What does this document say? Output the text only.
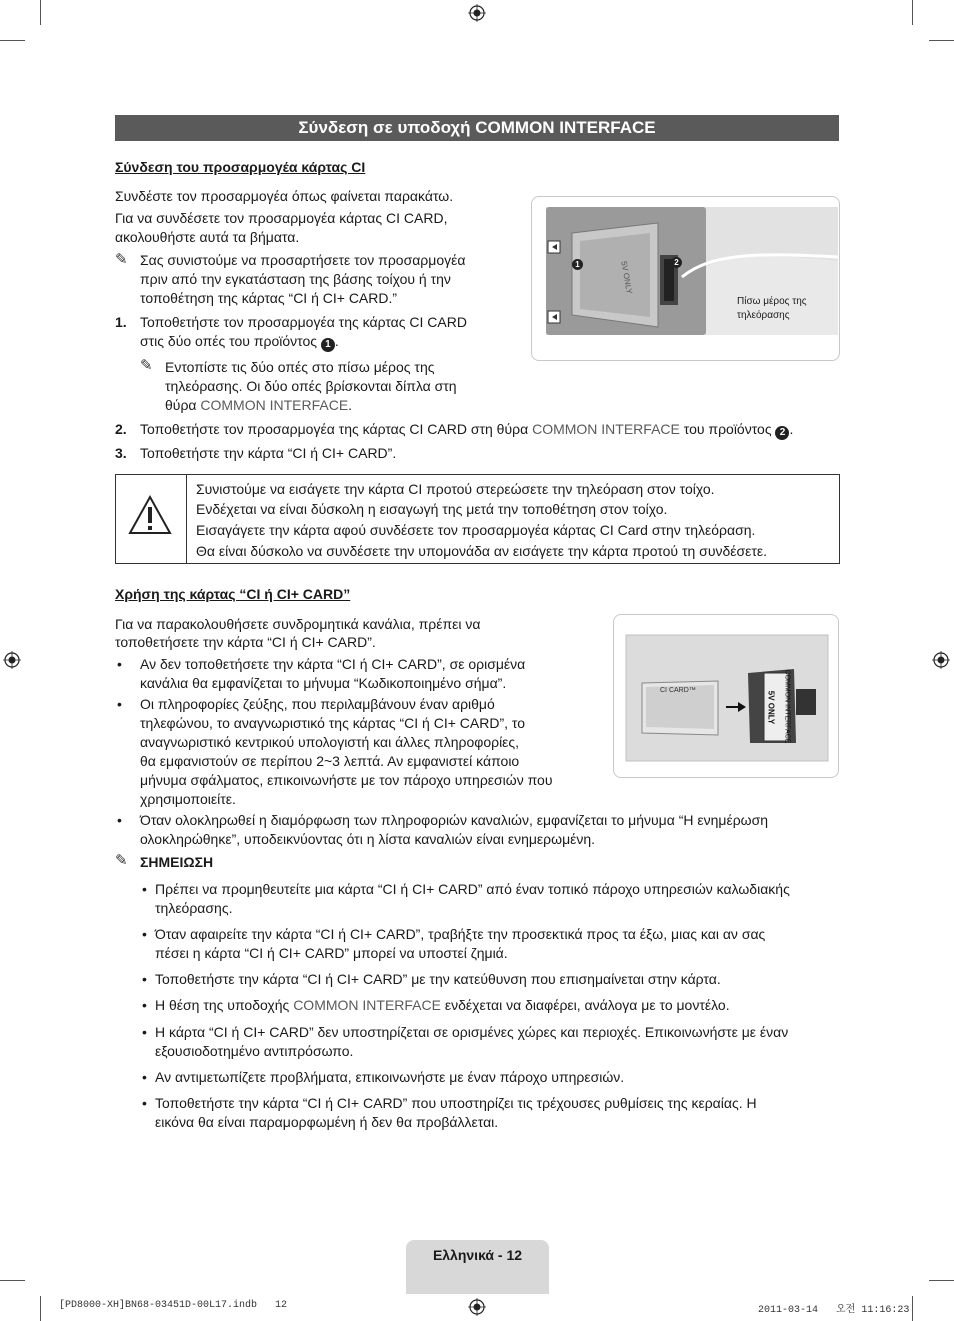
Σύνδεση σε υποδοχή COMMON INTERFACE
Σύνδεση του προσαρμογέα κάρτας CI
Συνδέστε τον προσαρμογέα όπως φαίνεται παρακάτω.
Για να συνδέσετε τον προσαρμογέα κάρτας CI CARD,
ακολουθήστε αυτά τα βήματα.
✎ Σας συνιστούμε να προσαρτήσετε τον προσαρμογέα
πριν από την εγκατάσταση της βάσης τοίχου ή την
τοποθέτηση της κάρτας “CI ή CI+ CARD.”
1. Τοποθετήστε τον προσαρμογέα της κάρτας CI CARD
στις δύο οπές του προϊόντος 1 .
✎ Εντοπίστε τις δύο οπές στο πίσω μέρος της
τηλεόρασης. Οι δύο οπές βρίσκονται δίπλα στη
θύρα COMMON INTERFACE.
2. Τοποθετήστε τον προσαρμογέα της κάρτας CI CARD στη θύρα COMMON INTERFACE του προϊόντος 2 .
3. Τοποθετήστε την κάρτα “CI ή CI+ CARD”.
1	2
5V ONLY
Πίσω μέρος της
τηλεόρασης
Συνιστούμε να εισάγετε την κάρτα CI προτού στερεώσετε την τηλεόραση στον τοίχο.
Ενδέχεται να είναι δύσκολη η εισαγωγή της μετά την τοποθέτηση στον τοίχο.
Εισαγάγετε την κάρτα αφού συνδέσετε τον προσαρμογέα κάρτας CI Card στην τηλεόραση.
Θα είναι δύσκολο να συνδέσετε την υπομονάδα αν εισάγετε την κάρτα προτού τη συνδέσετε.
Χρήση της κάρτας “CI ή CI+ CARD”
Για να παρακολουθήσετε συνδρομητικά κανάλια, πρέπει να
τοποθετήσετε την κάρτα “CI ή CI+ CARD”.
• Αν δεν τοποθετήσετε την κάρτα “CI ή CI+ CARD”, σε ορισμένα
κανάλια θα εμφανίζεται το μήνυμα “Κωδικοποιημένο σήμα”.
• Οι πληροφορίες ζεύξης, που περιλαμβάνουν έναν αριθμό
τηλεφώνου, το αναγνωριστικό της κάρτας “CI ή CI+ CARD”, το
αναγνωριστικό κεντρικού υπολογιστή και άλλες πληροφορίες,
θα εμφανιστούν σε περίπου 2~3 λεπτά. Αν εμφανιστεί κάποιο
μήνυμα σφάλματος, επικοινωνήστε με τον πάροχο υπηρεσιών που
χρησιμοποιείτε.
• Όταν ολοκληρωθεί η διαμόρφωση των πληροφοριών καναλιών, εμφανίζεται το μήνυμα “Η ενημέρωση
ολοκληρώθηκε”, υποδεικνύοντας ότι η λίστα καναλιών είναι ενημερωμένη.
✎ ΣΗΜΕΙΩΣΗ
• Πρέπει να προμηθευτείτε μια κάρτα “CI ή CI+ CARD” από έναν τοπικό πάροχο υπηρεσιών καλωδιακής
τηλεόρασης.
• Όταν αφαιρείτε την κάρτα “CI ή CI+ CARD”, τραβήξτε την προσεκτικά προς τα έξω, μιας και αν σας
πέσει η κάρτα “CI ή CI+ CARD” μπορεί να υποστεί ζημιά.
• Τοποθετήστε την κάρτα “CI ή CI+ CARD” με την κατεύθυνση που επισημαίνεται στην κάρτα.
• Η θέση της υποδοχής COMMON INTERFACE ενδέχεται να διαφέρει, ανάλογα με το μοντέλο.
• Η κάρτα “CI ή CI+ CARD” δεν υποστηρίζεται σε ορισμένες χώρες και περιοχές. Επικοινωνήστε με έναν
εξουσιοδοτημένο αντιπρόσωπο.
• Αν αντιμετωπίζετε προβλήματα, επικοινωνήστε με έναν πάροχο υπηρεσιών.
• Τοποθετήστε την κάρτα “CI ή CI+ CARD” που υποστηρίζει τις τρέχουσες ρυθμίσεις της κεραίας. Η
εικόνα θα είναι παραμορφωμένη ή δεν θα προβάλλεται.
CI CARD™	COMMON INTERFACE
5V ONLY
Ελληνικά - 12
[PD8000-XH]BN68-03451D-00L17.indb   12	2011-03-14   오전 11:16:23
